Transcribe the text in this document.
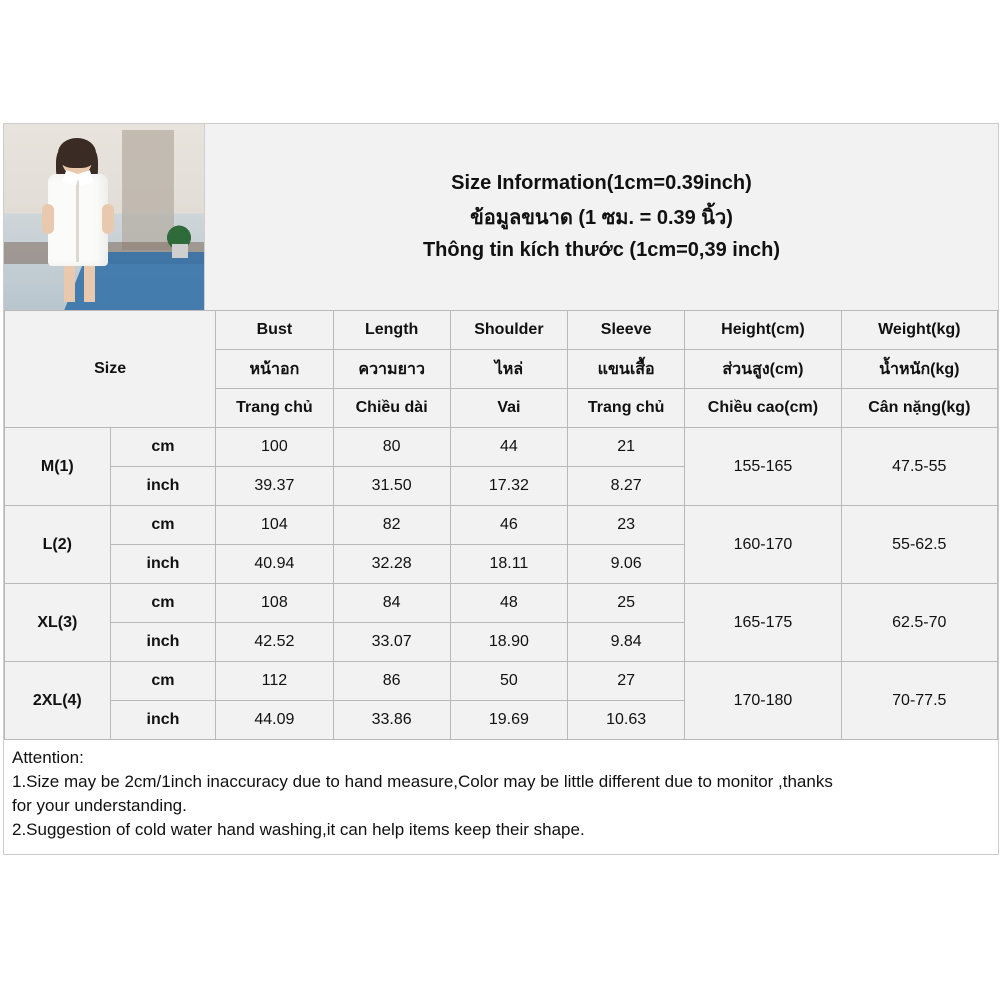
Size Information(1cm=0.39inch)
ข้อมูลขนาด (1 ซม. = 0.39 นิ้ว)
Thông tin kích thước (1cm=0,39 inch)
Size		Bust	Length	Shoulder	Sleeve	Height(cm)	Weight(kg)
		หน้าอก	ความยาว	ไหล่	แขนเสื้อ	ส่วนสูง(cm)	น้ำหนัก(kg)
		Trang chủ	Chiều dài	Vai	Trang chủ	Chiều cao(cm)	Cân nặng(kg)
M(1)	cm	100	80	44	21	155-165	47.5-55
	inch	39.37	31.50	17.32	8.27		
L(2)	cm	104	82	46	23	160-170	55-62.5
	inch	40.94	32.28	18.11	9.06		
XL(3)	cm	108	84	48	25	165-175	62.5-70
	inch	42.52	33.07	18.90	9.84		
2XL(4)	cm	112	86	50	27	170-180	70-77.5
	inch	44.09	33.86	19.69	10.63		

Attention:

1.Size may be 2cm/1inch inaccuracy due to hand measure,Color may be little different due to monitor ,thanks

for your understanding.

2.Suggestion of cold water hand washing,it can help items keep their shape.
